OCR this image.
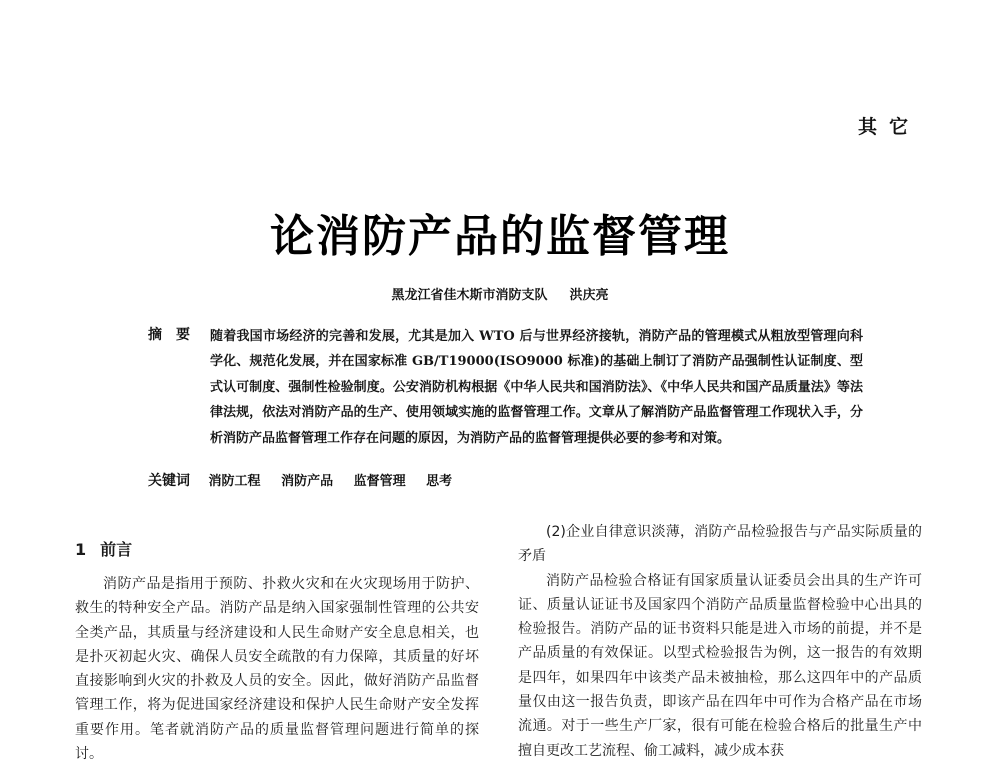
其它
论消防产品的监督管理
黑龙江省佳木斯市消防支队 洪庆亮
摘　要 随着我国市场经济的完善和发展，尤其是加入 WTO 后与世界经济接轨，消防产品的管理模式从粗放型管理向科学化、规范化发展，并在国家标准 GB/T19000(ISO9000 标准)的基础上制订了消防产品强制性认证制度、型式认可制度、强制性检验制度。公安消防机构根据《中华人民共和国消防法》、《中华人民共和国产品质量法》等法律法规，依法对消防产品的生产、使用领域实施的监督管理工作。文章从了解消防产品监督管理工作现状入手，分析消防产品监督管理工作存在问题的原因，为消防产品的监督管理提供必要的参考和对策。

关键词 消防工程 消防产品 监督管理 思考
1 前言

消防产品是指用于预防、扑救火灾和在火灾现场用于防护、救生的特种安全产品。消防产品是纳入国家强制性管理的公共安全类产品，其质量与经济建设和人民生命财产安全息息相关，也是扑灭初起火灾、确保人员安全疏散的有力保障，其质量的好坏直接影响到火灾的扑救及人员的安全。因此，做好消防产品监督管理工作，将为促进国家经济建设和保护人民生命财产安全发挥重要作用。笔者就消防产品的质量监督管理问题进行简单的探讨。

(2)企业自律意识淡薄，消防产品检验报告与产品实际质量的矛盾

消防产品检验合格证有国家质量认证委员会出具的生产许可证、质量认证证书及国家四个消防产品质量监督检验中心出具的检验报告。消防产品的证书资料只能是进入市场的前提，并不是产品质量的有效保证。以型式检验报告为例，这一报告的有效期是四年，如果四年中该类产品未被抽检，那么这四年中的产品质量仅由这一报告负责，即该产品在四年中可作为合格产品在市场流通。对于一些生产厂家，很有可能在检验合格后的批量生产中擅自更改工艺流程、偷工减料，减少成本获
